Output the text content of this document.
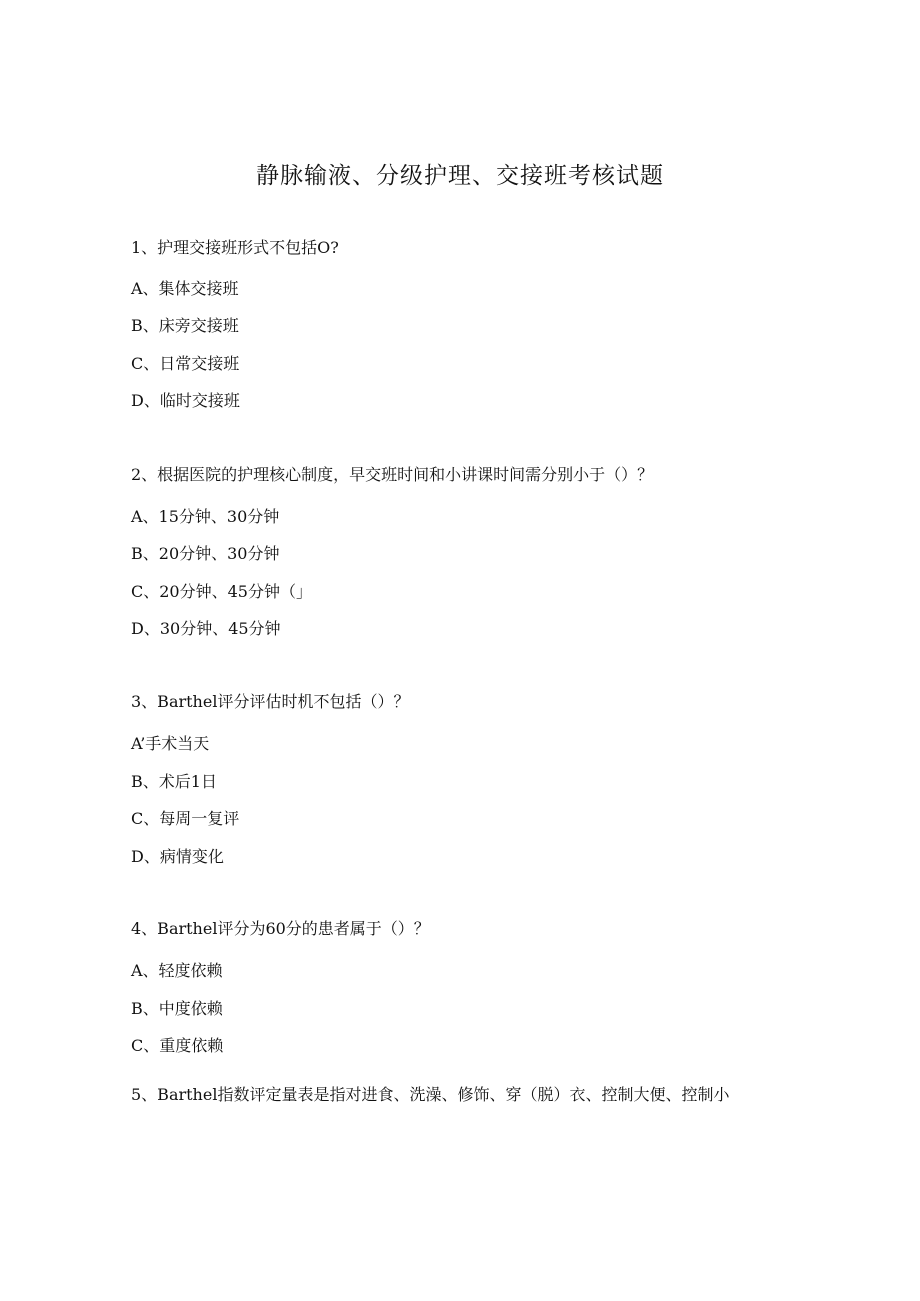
静脉输液、分级护理、交接班考核试题
1、护理交接班形式不包括O?
A、集体交接班
B、床旁交接班
C、日常交接班
D、临时交接班
2、根据医院的护理核心制度，早交班时间和小讲课时间需分别小于（）？
A、15分钟、30分钟
B、20分钟、30分钟
C、20分钟、45分钟（」
D、30分钟、45分钟
3、Barthel评分评估时机不包括（）？
A’手术当天
B、术后1日
C、每周一复评
D、病情变化
4、Barthel评分为60分的患者属于（）？
A、轻度依赖
B、中度依赖
C、重度依赖
5、Barthel指数评定量表是指对进食、洗澡、修饰、穿（脱）衣、控制大便、控制小
